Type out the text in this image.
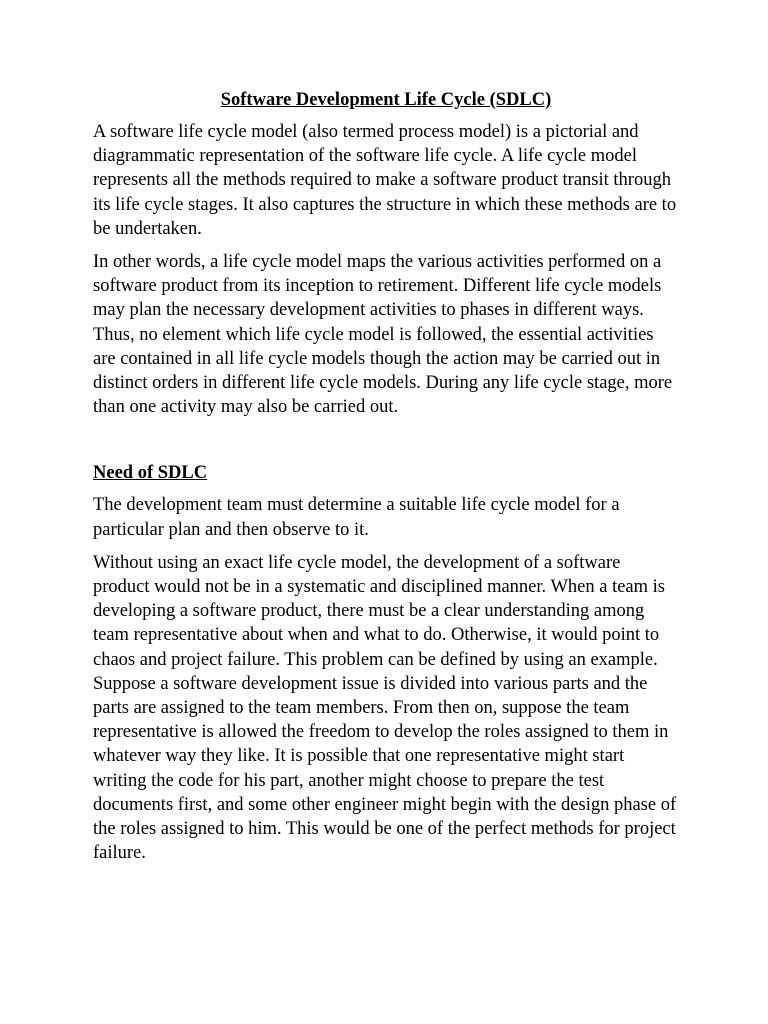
Software Development Life Cycle (SDLC)

A software life cycle model (also termed process model) is a pictorial and diagrammatic representation of the software life cycle. A life cycle model represents all the methods required to make a software product transit through its life cycle stages. It also captures the structure in which these methods are to be undertaken.

In other words, a life cycle model maps the various activities performed on a software product from its inception to retirement. Different life cycle models may plan the necessary development activities to phases in different ways. Thus, no element which life cycle model is followed, the essential activities are contained in all life cycle models though the action may be carried out in distinct orders in different life cycle models. During any life cycle stage, more than one activity may also be carried out.

Need of SDLC

The development team must determine a suitable life cycle model for a particular plan and then observe to it.

Without using an exact life cycle model, the development of a software product would not be in a systematic and disciplined manner. When a team is developing a software product, there must be a clear understanding among team representative about when and what to do. Otherwise, it would point to chaos and project failure. This problem can be defined by using an example. Suppose a software development issue is divided into various parts and the parts are assigned to the team members. From then on, suppose the team representative is allowed the freedom to develop the roles assigned to them in whatever way they like. It is possible that one representative might start writing the code for his part, another might choose to prepare the test documents first, and some other engineer might begin with the design phase of the roles assigned to him. This would be one of the perfect methods for project failure.
